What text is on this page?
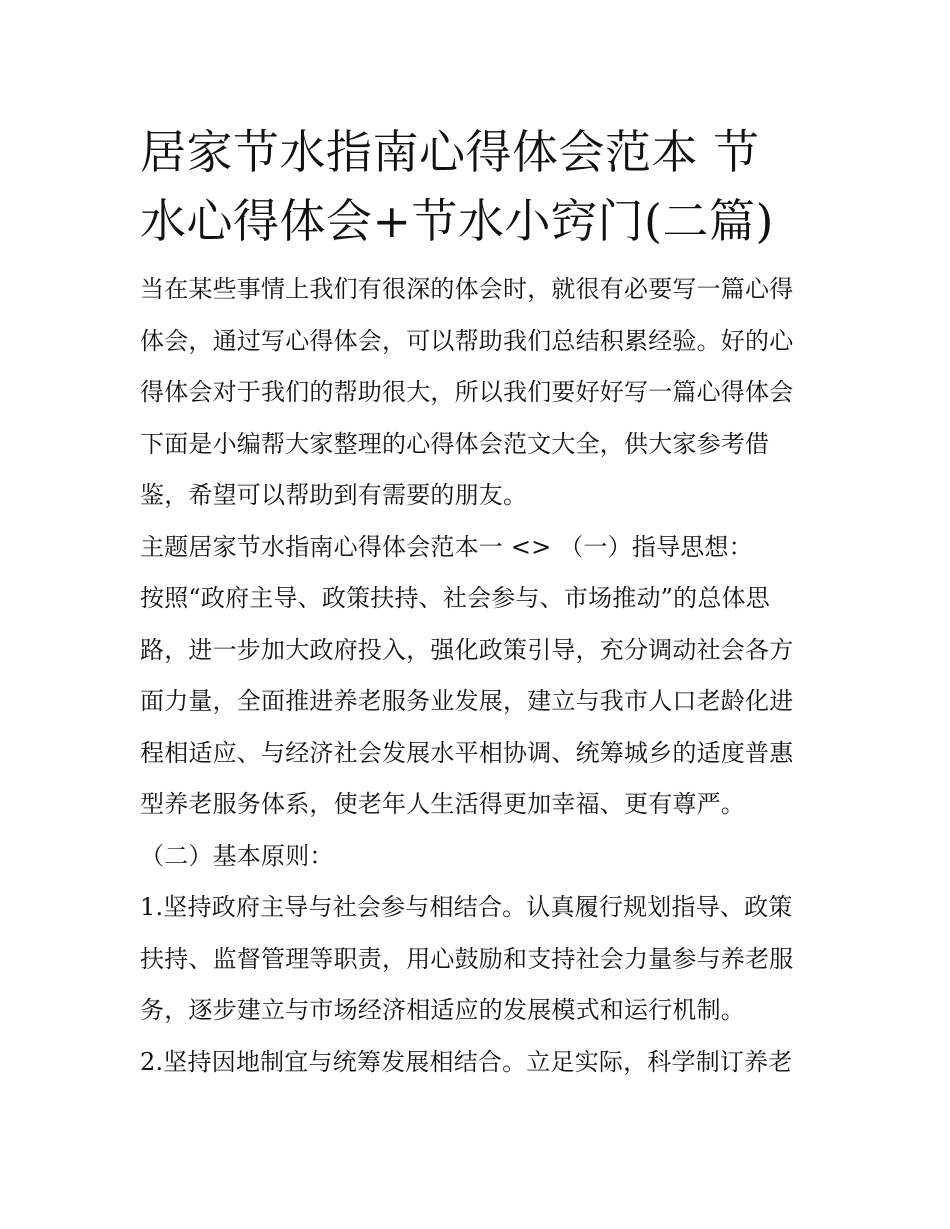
居家节水指南心得体会范本 节
水心得体会+节水小窍门(二篇)
当在某些事情上我们有很深的体会时，就很有必要写一篇心得
体会，通过写心得体会，可以帮助我们总结积累经验。好的心
得体会对于我们的帮助很大，所以我们要好好写一篇心得体会
下面是小编帮大家整理的心得体会范文大全，供大家参考借
鉴，希望可以帮助到有需要的朋友。
主题居家节水指南心得体会范本一 <> （一）指导思想：
按照“政府主导、政策扶持、社会参与、市场推动”的总体思
路，进一步加大政府投入，强化政策引导，充分调动社会各方
面力量，全面推进养老服务业发展，建立与我市人口老龄化进
程相适应、与经济社会发展水平相协调、统筹城乡的适度普惠
型养老服务体系，使老年人生活得更加幸福、更有尊严。
（二）基本原则：
1.坚持政府主导与社会参与相结合。认真履行规划指导、政策
扶持、监督管理等职责，用心鼓励和支持社会力量参与养老服
务，逐步建立与市场经济相适应的发展模式和运行机制。
2.坚持因地制宜与统筹发展相结合。立足实际，科学制订养老
